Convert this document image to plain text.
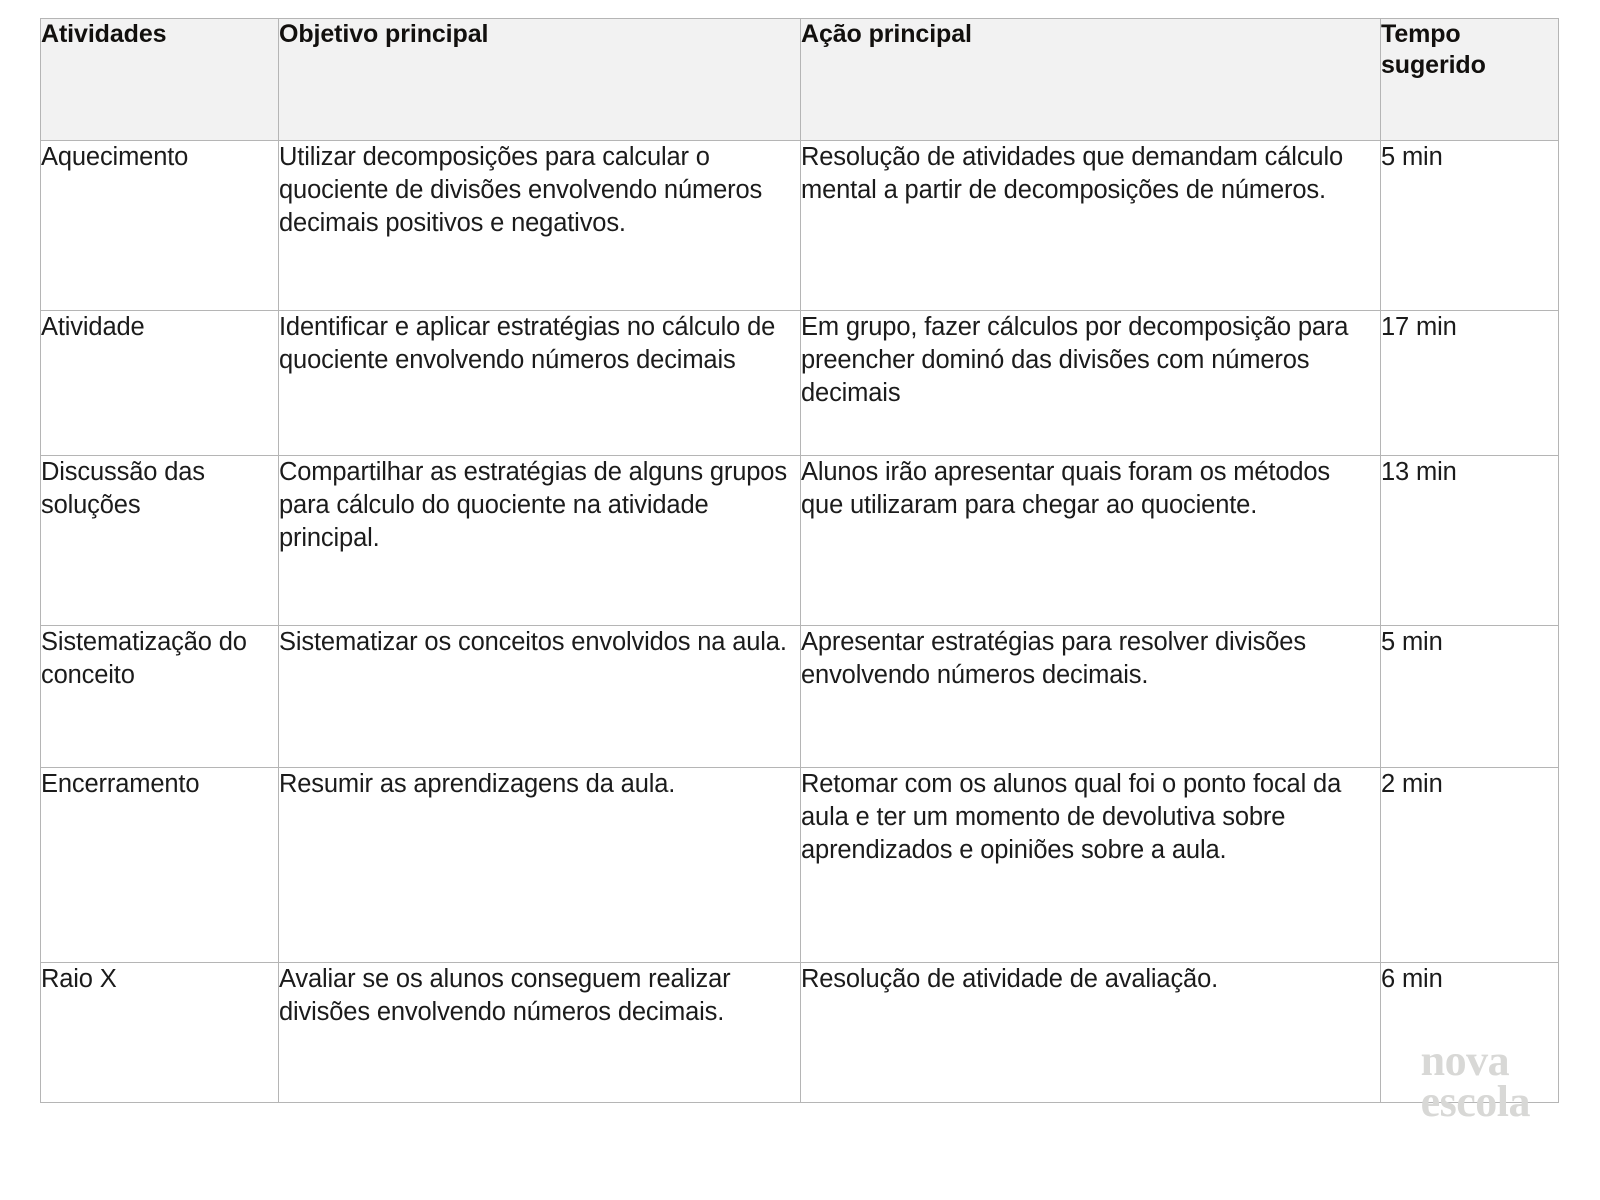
Atividades	Objetivo principal	Ação principal	Tempo sugerido
Aquecimento	Utilizar decomposições para calcular o quociente de divisões envolvendo números decimais positivos e negativos.	Resolução de atividades que demandam cálculo mental a partir de decomposições de números.	5 min
Atividade	Identificar e aplicar estratégias no cálculo de quociente envolvendo números decimais	Em grupo, fazer cálculos por decomposição para preencher dominó das divisões com números decimais	17 min
Discussão das soluções	Compartilhar as estratégias de alguns grupos para cálculo do quociente na atividade principal.	Alunos irão apresentar quais foram os métodos que utilizaram para chegar ao quociente.	13 min
Sistematização do conceito	Sistematizar os conceitos envolvidos na aula.	Apresentar estratégias para resolver divisões envolvendo números decimais.	5 min
Encerramento	Resumir as aprendizagens da aula.	Retomar com os alunos qual foi o ponto focal da aula e ter um momento de devolutiva sobre aprendizados e opiniões sobre a aula.	2 min
Raio X	Avaliar se os alunos conseguem realizar divisões envolvendo números decimais.	Resolução de atividade de avaliação.	6 min
nova
escola
